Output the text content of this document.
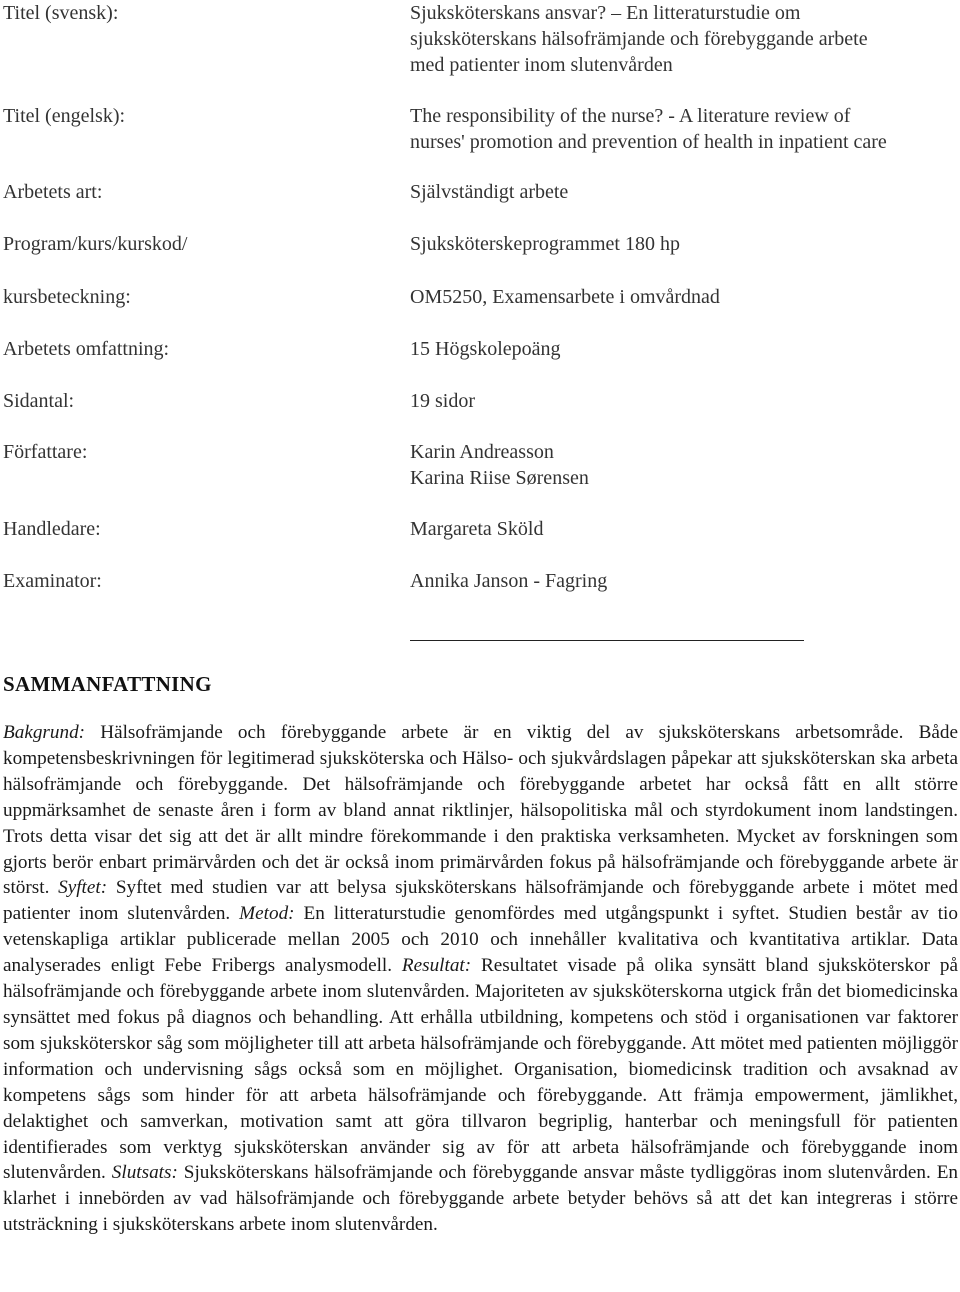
Titel (svensk):
Titel (engelsk):
Arbetets art:
Program/kurs/kurskod/
kursbeteckning:
Arbetets omfattning:
Sidantal:
Författare:
Handledare:
Examinator:
Sjuksköterskans ansvar? – En litteraturstudie om
sjuksköterskans hälsofrämjande och förebyggande arbete
med patienter inom slutenvården
The responsibility of the nurse? - A literature review of
nurses' promotion and prevention of health in inpatient care
Självständigt arbete
Sjuksköterskeprogrammet 180 hp
OM5250, Examensarbete i omvårdnad
15 Högskolepoäng
19 sidor
Karin Andreasson
Karina Riise Sørensen
Margareta Sköld
Annika Janson - Fagring
SAMMANFATTNING

Bakgrund: Hälsofrämjande och förebyggande arbete är en viktig del av sjuksköterskans arbetsområde. Både kompetensbeskrivningen för legitimerad sjuksköterska och Hälso- och sjukvårdslagen påpekar att sjuksköterskan ska arbeta hälsofrämjande och förebyggande. Det hälsofrämjande och förebyggande arbetet har också fått en allt större uppmärksamhet de senaste åren i form av bland annat riktlinjer, hälsopolitiska mål och styrdokument inom landstingen. Trots detta visar det sig att det är allt mindre förekommande i den praktiska verksamheten. Mycket av forskningen som gjorts berör enbart primärvården och det är också inom primärvården fokus på hälsofrämjande och förebyggande arbete är störst. Syftet: Syftet med studien var att belysa sjuksköterskans hälsofrämjande och förebyggande arbete i mötet med patienter inom slutenvården. Metod: En litteraturstudie genomfördes med utgångspunkt i syftet. Studien består av tio vetenskapliga artiklar publicerade mellan 2005 och 2010 och innehåller kvalitativa och kvantitativa artiklar. Data analyserades enligt Febe Fribergs analysmodell. Resultat: Resultatet visade på olika synsätt bland sjuksköterskor på hälsofrämjande och förebyggande arbete inom slutenvården. Majoriteten av sjuksköterskorna utgick från det biomedicinska synsättet med fokus på diagnos och behandling. Att erhålla utbildning, kompetens och stöd i organisationen var faktorer som sjuksköterskor såg som möjligheter till att arbeta hälsofrämjande och förebyggande. Att mötet med patienten möjliggör information och undervisning sågs också som en möjlighet. Organisation, biomedicinsk tradition och avsaknad av kompetens sågs som hinder för att arbeta hälsofrämjande och förebyggande. Att främja empowerment, jämlikhet, delaktighet och samverkan, motivation samt att göra tillvaron begriplig, hanterbar och meningsfull för patienten identifierades som verktyg sjuksköterskan använder sig av för att arbeta hälsofrämjande och förebyggande inom slutenvården. Slutsats: Sjuksköterskans hälsofrämjande och förebyggande ansvar måste tydliggöras inom slutenvården. En klarhet i innebörden av vad hälsofrämjande och förebyggande arbete betyder behövs så att det kan integreras i större utsträckning i sjuksköterskans arbete inom slutenvården.
